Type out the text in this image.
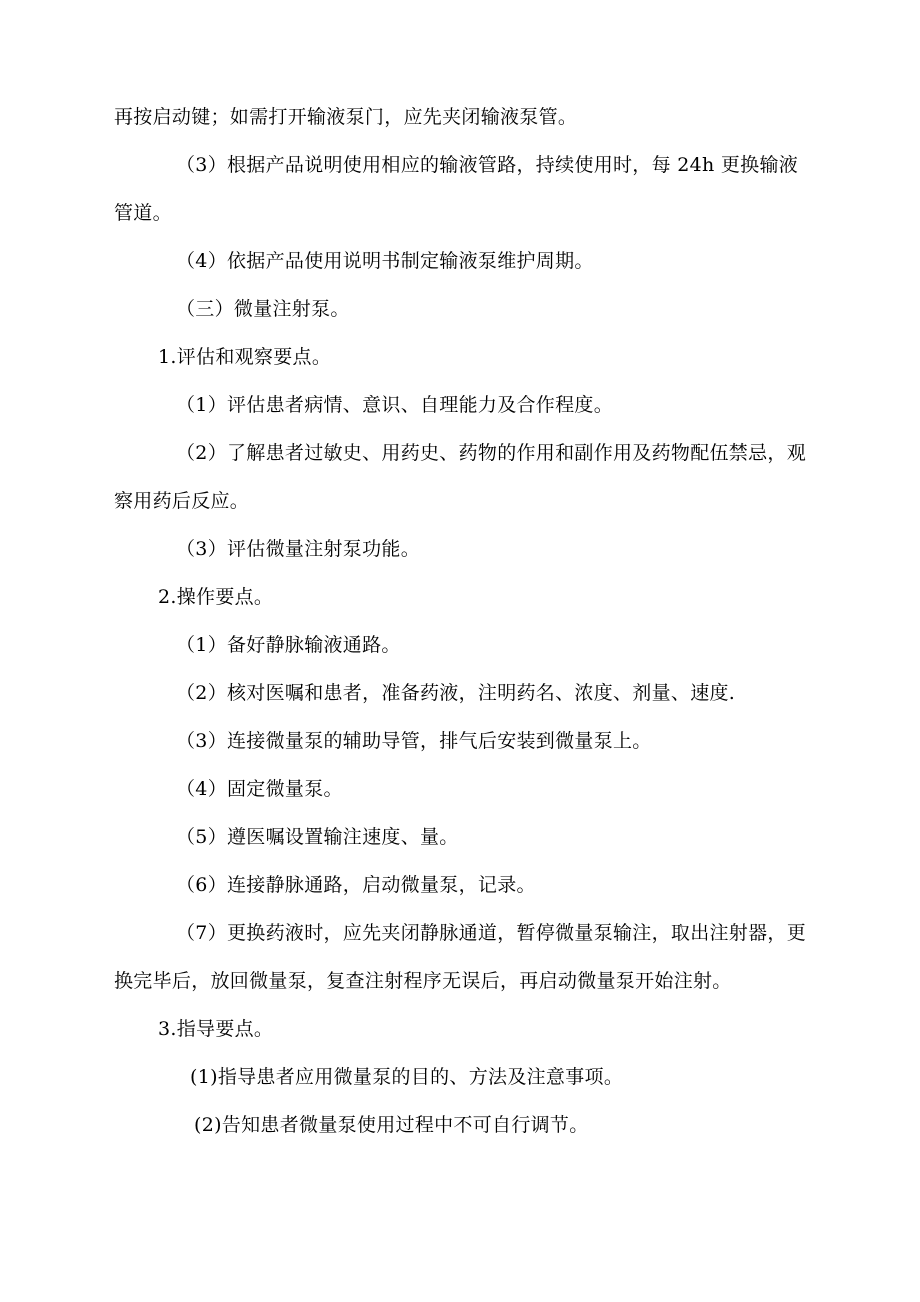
再按启动键；如需打开输液泵门，应先夹闭输液泵管。

（3）根据产品说明使用相应的输液管路，持续使用时，每 24h 更换输液管道。

（4）依据产品使用说明书制定输液泵维护周期。

（三）微量注射泵。

1.评估和观察要点。

（1）评估患者病情、意识、自理能力及合作程度。

（2）了解患者过敏史、用药史、药物的作用和副作用及药物配伍禁忌，观察用药后反应。

（3）评估微量注射泵功能。

2.操作要点。

（1）备好静脉输液通路。

（2）核对医嘱和患者，准备药液，注明药名、浓度、剂量、速度.

（3）连接微量泵的辅助导管，排气后安装到微量泵上。

（4）固定微量泵。

（5）遵医嘱设置输注速度、量。

（6）连接静脉通路，启动微量泵，记录。

（7）更换药液时，应先夹闭静脉通道，暂停微量泵输注，取出注射器，更换完毕后，放回微量泵，复查注射程序无误后，再启动微量泵开始注射。

3.指导要点。

(1)指导患者应用微量泵的目的、方法及注意事项。

(2)告知患者微量泵使用过程中不可自行调节。
